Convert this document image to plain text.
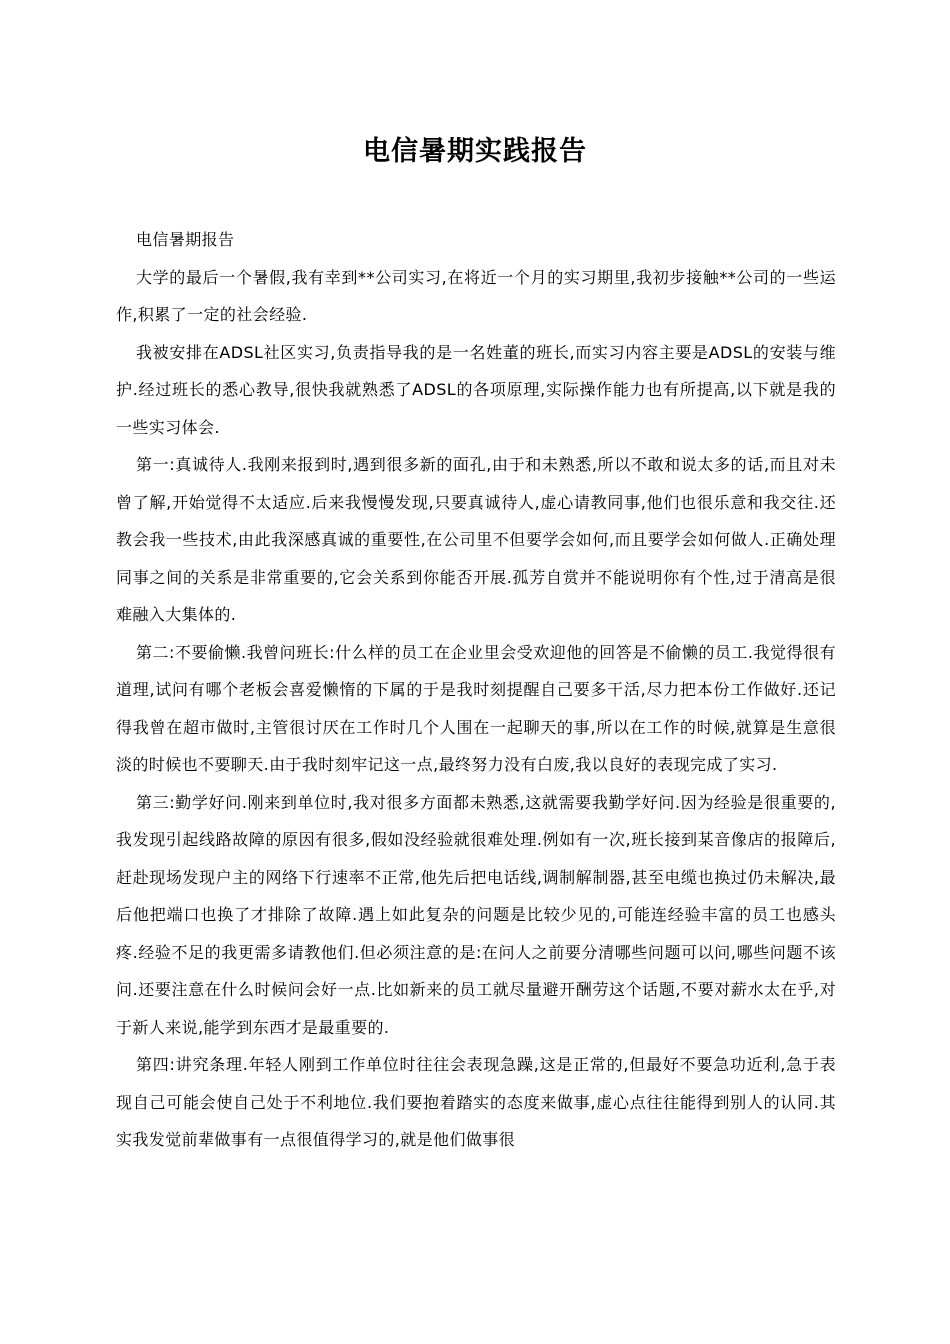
电信暑期实践报告

电信暑期报告

大学的最后一个暑假,我有幸到**公司实习,在将近一个月的实习期里,我初步接触**公司的一些运作,积累了一定的社会经验.

我被安排在ADSL社区实习,负责指导我的是一名姓董的班长,而实习内容主要是ADSL的安装与维护.经过班长的悉心教导,很快我就熟悉了ADSL的各项原理,实际操作能力也有所提高,以下就是我的一些实习体会.

第一:真诚待人.我刚来报到时,遇到很多新的面孔,由于和未熟悉,所以不敢和说太多的话,而且对未曾了解,开始觉得不太适应.后来我慢慢发现,只要真诚待人,虚心请教同事,他们也很乐意和我交往.还教会我一些技术,由此我深感真诚的重要性,在公司里不但要学会如何,而且要学会如何做人.正确处理同事之间的关系是非常重要的,它会关系到你能否开展.孤芳自赏并不能说明你有个性,过于清高是很难融入大集体的.

第二:不要偷懒.我曾问班长:什么样的员工在企业里会受欢迎他的回答是不偷懒的员工.我觉得很有道理,试问有哪个老板会喜爱懒惰的下属的于是我时刻提醒自己要多干活,尽力把本份工作做好.还记得我曾在超市做时,主管很讨厌在工作时几个人围在一起聊天的事,所以在工作的时候,就算是生意很淡的时候也不要聊天.由于我时刻牢记这一点,最终努力没有白废,我以良好的表现完成了实习.

第三:勤学好问.刚来到单位时,我对很多方面都未熟悉,这就需要我勤学好问.因为经验是很重要的,我发现引起线路故障的原因有很多,假如没经验就很难处理.例如有一次,班长接到某音像店的报障后,赶赴现场发现户主的网络下行速率不正常,他先后把电话线,调制解制器,甚至电缆也换过仍未解决,最后他把端口也换了才排除了故障.遇上如此复杂的问题是比较少见的,可能连经验丰富的员工也感头疼.经验不足的我更需多请教他们.但必须注意的是:在问人之前要分清哪些问题可以问,哪些问题不该问.还要注意在什么时候问会好一点.比如新来的员工就尽量避开酬劳这个话题,不要对薪水太在乎,对于新人来说,能学到东西才是最重要的.

第四:讲究条理.年轻人刚到工作单位时往往会表现急躁,这是正常的,但最好不要急功近利,急于表现自己可能会使自己处于不利地位.我们要抱着踏实的态度来做事,虚心点往往能得到别人的认同.其实我发觉前辈做事有一点很值得学习的,就是他们做事很
